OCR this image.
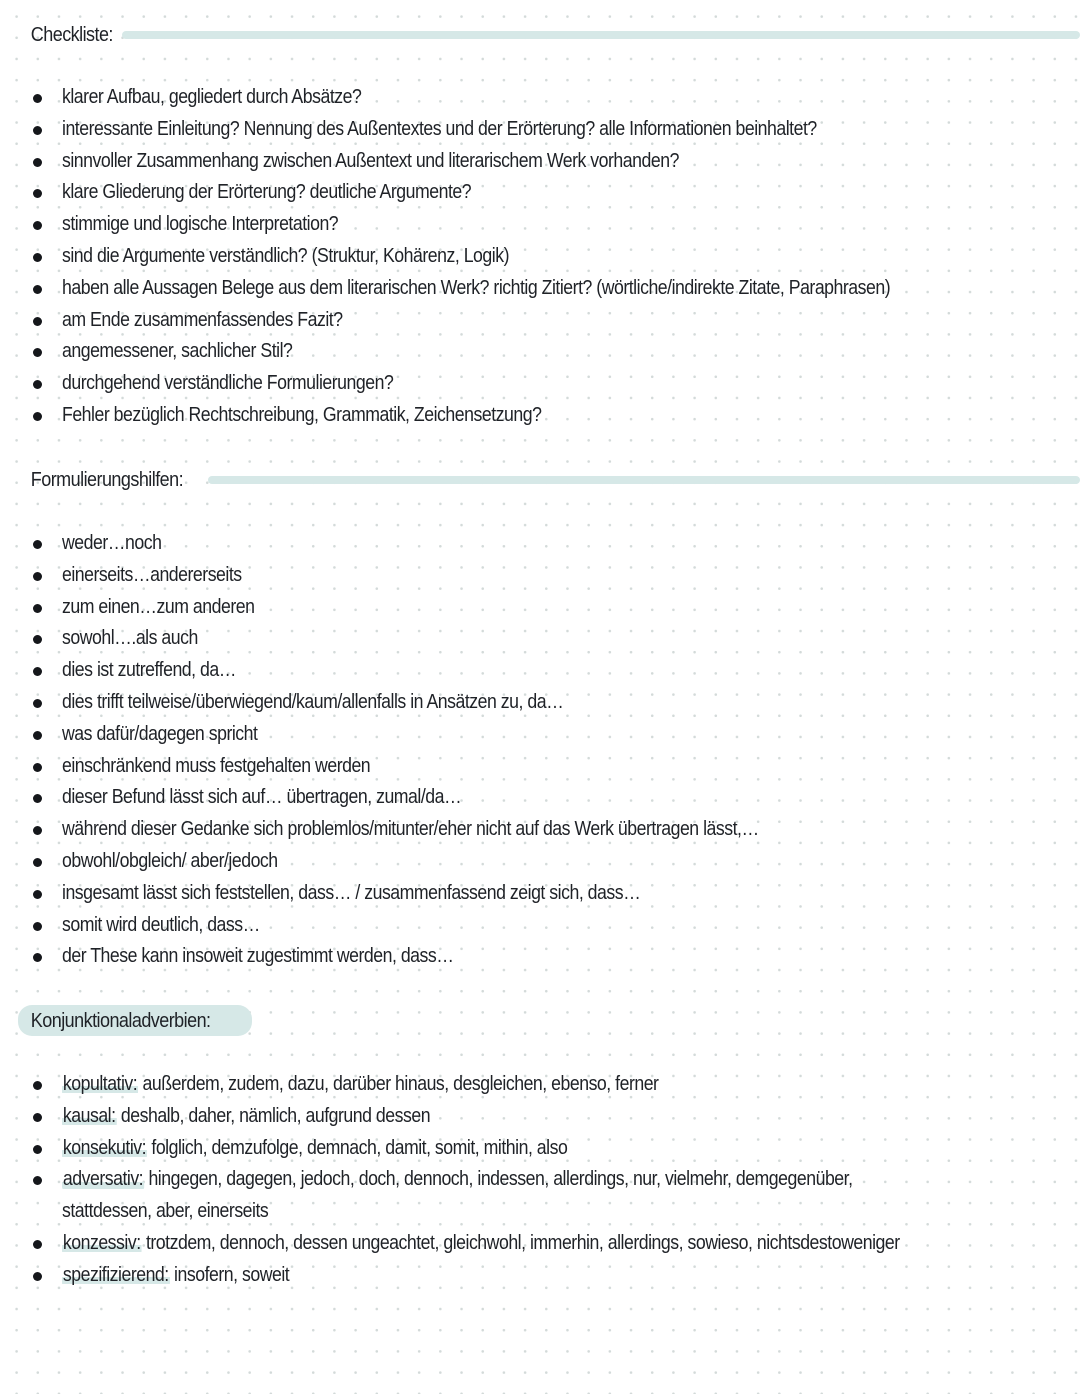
Checkliste:
klarer Aufbau, gegliedert durch Absätze?
interessante Einleitung? Nennung des Außentextes und der Erörterung? alle Informationen beinhaltet?
sinnvoller Zusammenhang zwischen Außentext und literarischem Werk vorhanden?
klare Gliederung der Erörterung? deutliche Argumente?
stimmige und logische Interpretation?
sind die Argumente verständlich? (Struktur, Kohärenz, Logik)
haben alle Aussagen Belege aus dem literarischen Werk? richtig Zitiert? (wörtliche/indirekte Zitate, Paraphrasen)
am Ende zusammenfassendes Fazit?
angemessener, sachlicher Stil?
durchgehend verständliche Formulierungen?
Fehler bezüglich Rechtschreibung, Grammatik, Zeichensetzung?
Formulierungshilfen:
weder…noch
einerseits…andererseits
zum einen…zum anderen
sowohl….als auch
dies ist zutreffend, da…
dies trifft teilweise/überwiegend/kaum/allenfalls in Ansätzen zu, da…
was dafür/dagegen spricht
einschränkend muss festgehalten werden
dieser Befund lässt sich auf… übertragen, zumal/da…
während dieser Gedanke sich problemlos/mitunter/eher nicht auf das Werk übertragen lässt,…
obwohl/obgleich/ aber/jedoch
insgesamt lässt sich feststellen, dass… / zusammenfassend zeigt sich, dass…
somit wird deutlich, dass…
der These kann insoweit zugestimmt werden, dass…
Konjunktionaladverbien:
kopultativ: außerdem, zudem, dazu, darüber hinaus, desgleichen, ebenso, ferner
kausal: deshalb, daher, nämlich, aufgrund dessen
konsekutiv: folglich, demzufolge, demnach, damit, somit, mithin, also
adversativ: hingegen, dagegen, jedoch, doch, dennoch, indessen, allerdings, nur, vielmehr, demgegenüber,
stattdessen, aber, einerseits
konzessiv: trotzdem, dennoch, dessen ungeachtet, gleichwohl, immerhin, allerdings, sowieso, nichtsdestoweniger
spezifizierend: insofern, soweit
